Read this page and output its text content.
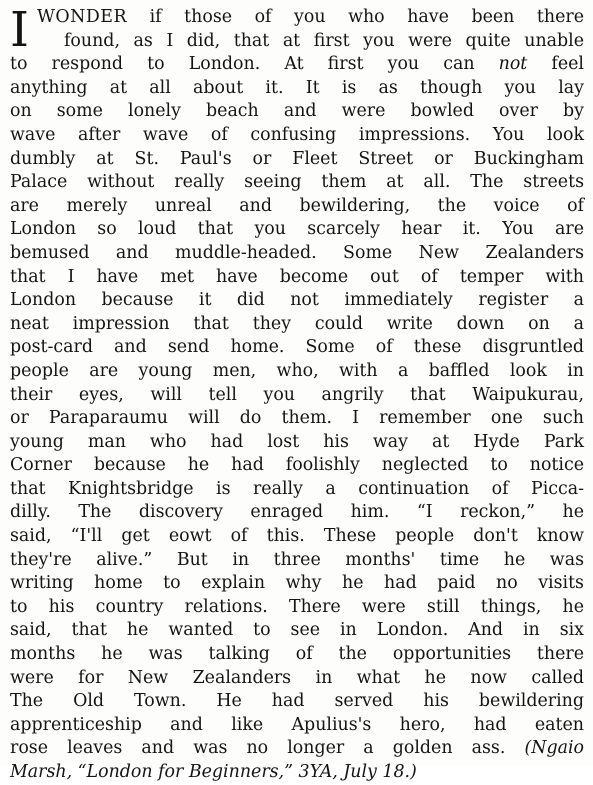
I WONDER if those of you who have been there
found, as I did, that at first you were quite unable
to respond to London. At first you can not feel
anything at all about it. It is as though you lay
on some lonely beach and were bowled over by
wave after wave of confusing impressions. You look
dumbly at St. Paul's or Fleet Street or Buckingham
Palace without really seeing them at all. The streets
are merely unreal and bewildering, the voice of
London so loud that you scarcely hear it. You are
bemused and muddle-headed. Some New Zealanders
that I have met have become out of temper with
London because it did not immediately register a
neat impression that they could write down on a
post-card and send home. Some of these disgruntled
people are young men, who, with a baffled look in
their eyes, will tell you angrily that Waipukurau,
or Paraparaumu will do them. I remember one such
young man who had lost his way at Hyde Park
Corner because he had foolishly neglected to notice
that Knightsbridge is really a continuation of Picca-
dilly. The discovery enraged him. “I reckon,” he
said, “I'll get eowt of this. These people don't know
they're alive.” But in three months' time he was
writing home to explain why he had paid no visits
to his country relations. There were still things, he
said, that he wanted to see in London. And in six
months he was talking of the opportunities there
were for New Zealanders in what he now called
The Old Town. He had served his bewildering
apprenticeship and like Apulius's hero, had eaten
rose leaves and was no longer a golden ass. (Ngaio
Marsh, “London for Beginners,” 3YA, July 18.)
